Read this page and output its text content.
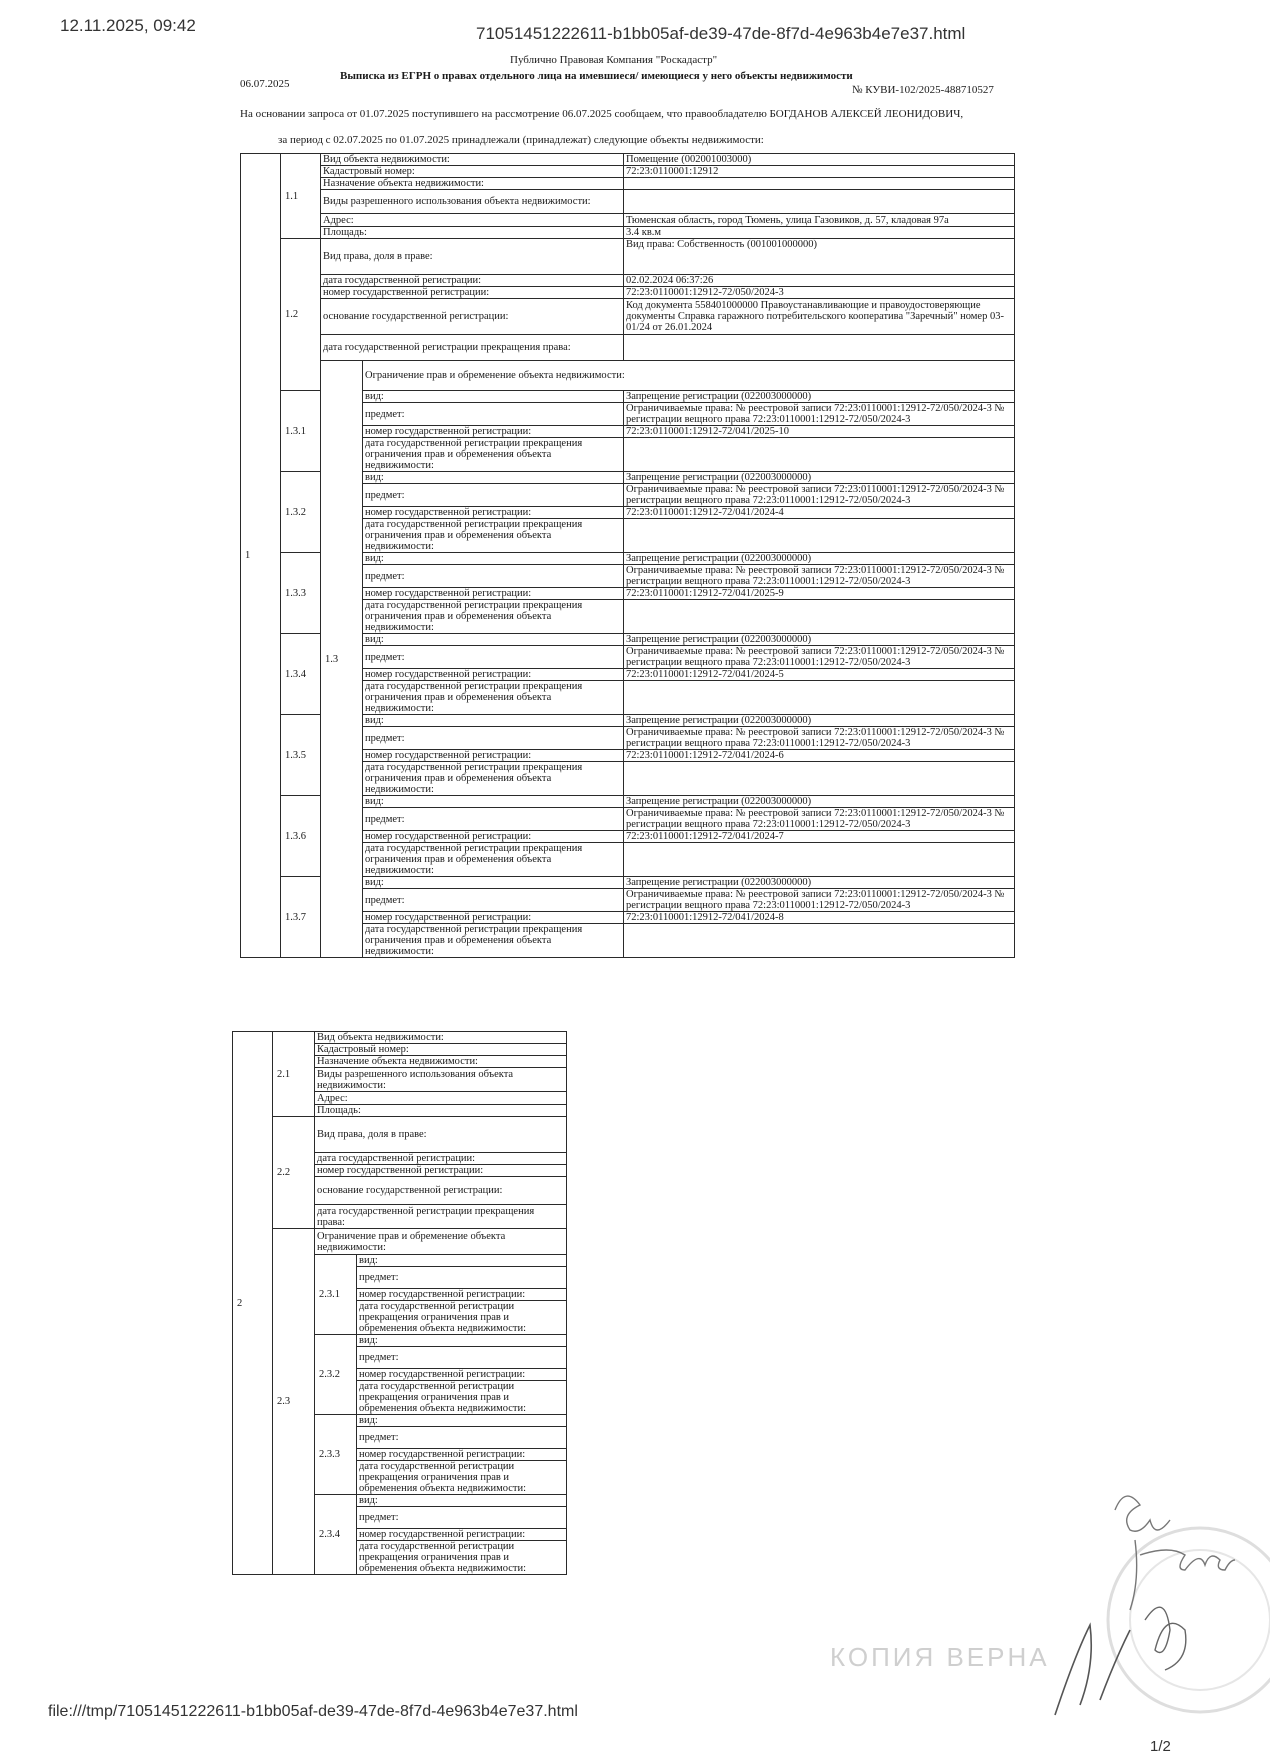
12.11.2025, 09:42	71051451222611-b1bb05af-de39-47de-8f7d-4e963b4e7e37.html
Публично Правовая Компания "Роскадастр"
Выписка из ЕГРН о правах отдельного лица на имевшиеся/ имеющиеся у него объекты недвижимости
06.07.2025	№ КУВИ-102/2025-488710527
На основании запроса от 01.07.2025 поступившего на рассмотрение 06.07.2025 сообщаем, что правообладателю БОГДАНОВ АЛЕКСЕЙ ЛЕОНИДОВИЧ,
за период с 02.07.2025 по 01.07.2025 принадлежали (принадлежат) следующие объекты недвижимости:
1	1.1	Вид объекта недвижимости:		Помещение (002001003000)	
		Кадастровый номер:		72:23:0110001:12912	
		Назначение объекта недвижимости:			
		Виды разрешенного использования объекта недвижимости:			
		Адрес:		Тюменская область, город Тюмень, улица Газовиков, д. 57, кладовая 97а	
		Площадь:		3.4 кв.м	
	1.2	Вид права, доля в праве:		Вид права: Собственность (001001000000)	
		дата государственной регистрации:		02.02.2024 06:37:26	
		номер государственной регистрации:		72:23:0110001:12912-72/050/2024-3	
		основание государственной регистрации:		Код документа 558401000000 Правоустанавливающие и правоудостоверяющие документы Справка гаражного потребительского кооператива "Заречный" номер 03-01/24 от 26.01.2024	
		дата государственной регистрации прекращения права:			
		1.3	Ограничение прав и обременение объекта недвижимости:		
	1.3.1		вид:	Запрещение регистрации (022003000000)	
			предмет:	Ограничиваемые права: № реестровой записи 72:23:0110001:12912-72/050/2024-3 № регистрации вещного права 72:23:0110001:12912-72/050/2024-3	
			номер государственной регистрации:	72:23:0110001:12912-72/041/2025-10	
			дата государственной регистрации прекращения ограничения прав и обременения объекта недвижимости:		
	1.3.2		вид:	Запрещение регистрации (022003000000)	
			предмет:	Ограничиваемые права: № реестровой записи 72:23:0110001:12912-72/050/2024-3 № регистрации вещного права 72:23:0110001:12912-72/050/2024-3	
			номер государственной регистрации:	72:23:0110001:12912-72/041/2024-4	
			дата государственной регистрации прекращения ограничения прав и обременения объекта недвижимости:		
	1.3.3		вид:	Запрещение регистрации (022003000000)	
			предмет:	Ограничиваемые права: № реестровой записи 72:23:0110001:12912-72/050/2024-3 № регистрации вещного права 72:23:0110001:12912-72/050/2024-3	
			номер государственной регистрации:	72:23:0110001:12912-72/041/2025-9	
			дата государственной регистрации прекращения ограничения прав и обременения объекта недвижимости:		
	1.3.4		вид:	Запрещение регистрации (022003000000)	
			предмет:	Ограничиваемые права: № реестровой записи 72:23:0110001:12912-72/050/2024-3 № регистрации вещного права 72:23:0110001:12912-72/050/2024-3	
			номер государственной регистрации:	72:23:0110001:12912-72/041/2024-5	
			дата государственной регистрации прекращения ограничения прав и обременения объекта недвижимости:		
	1.3.5		вид:	Запрещение регистрации (022003000000)	
			предмет:	Ограничиваемые права: № реестровой записи 72:23:0110001:12912-72/050/2024-3 № регистрации вещного права 72:23:0110001:12912-72/050/2024-3	
			номер государственной регистрации:	72:23:0110001:12912-72/041/2024-6	
			дата государственной регистрации прекращения ограничения прав и обременения объекта недвижимости:		
	1.3.6		вид:	Запрещение регистрации (022003000000)	
			предмет:	Ограничиваемые права: № реестровой записи 72:23:0110001:12912-72/050/2024-3 № регистрации вещного права 72:23:0110001:12912-72/050/2024-3	
			номер государственной регистрации:	72:23:0110001:12912-72/041/2024-7	
			дата государственной регистрации прекращения ограничения прав и обременения объекта недвижимости:		
	1.3.7		вид:	Запрещение регистрации (022003000000)	
			предмет:	Ограничиваемые права: № реестровой записи 72:23:0110001:12912-72/050/2024-3 № регистрации вещного права 72:23:0110001:12912-72/050/2024-3	
			номер государственной регистрации:	72:23:0110001:12912-72/041/2024-8	
			дата государственной регистрации прекращения ограничения прав и обременения объекта недвижимости:		
2	2.1	Вид объекта недвижимости:
		Кадастровый номер:
		Назначение объекта недвижимости:
		Виды разрешенного использования объекта недвижимости:
		Адрес:
		Площадь:
	2.2	Вид права, доля в праве:
		дата государственной регистрации:
		номер государственной регистрации:
		основание государственной регистрации:
		дата государственной регистрации прекращения права:
	2.3	Ограничение прав и обременение объекта недвижимости:
		2.3.1	вид:
			предмет:
			номер государственной регистрации:
			дата государственной регистрации прекращения ограничения прав и обременения объекта недвижимости:
		2.3.2	вид:
			предмет:
			номер государственной регистрации:
			дата государственной регистрации прекращения ограничения прав и обременения объекта недвижимости:
		2.3.3	вид:
			предмет:
			номер государственной регистрации:
			дата государственной регистрации прекращения ограничения прав и обременения объекта недвижимости:
		2.3.4	вид:
			предмет:
			номер государственной регистрации:
			дата государственной регистрации прекращения ограничения прав и обременения объекта недвижимости:
КОПИЯ ВЕРНА
file:///tmp/71051451222611-b1bb05af-de39-47de-8f7d-4e963b4e7e37.html
1/2
